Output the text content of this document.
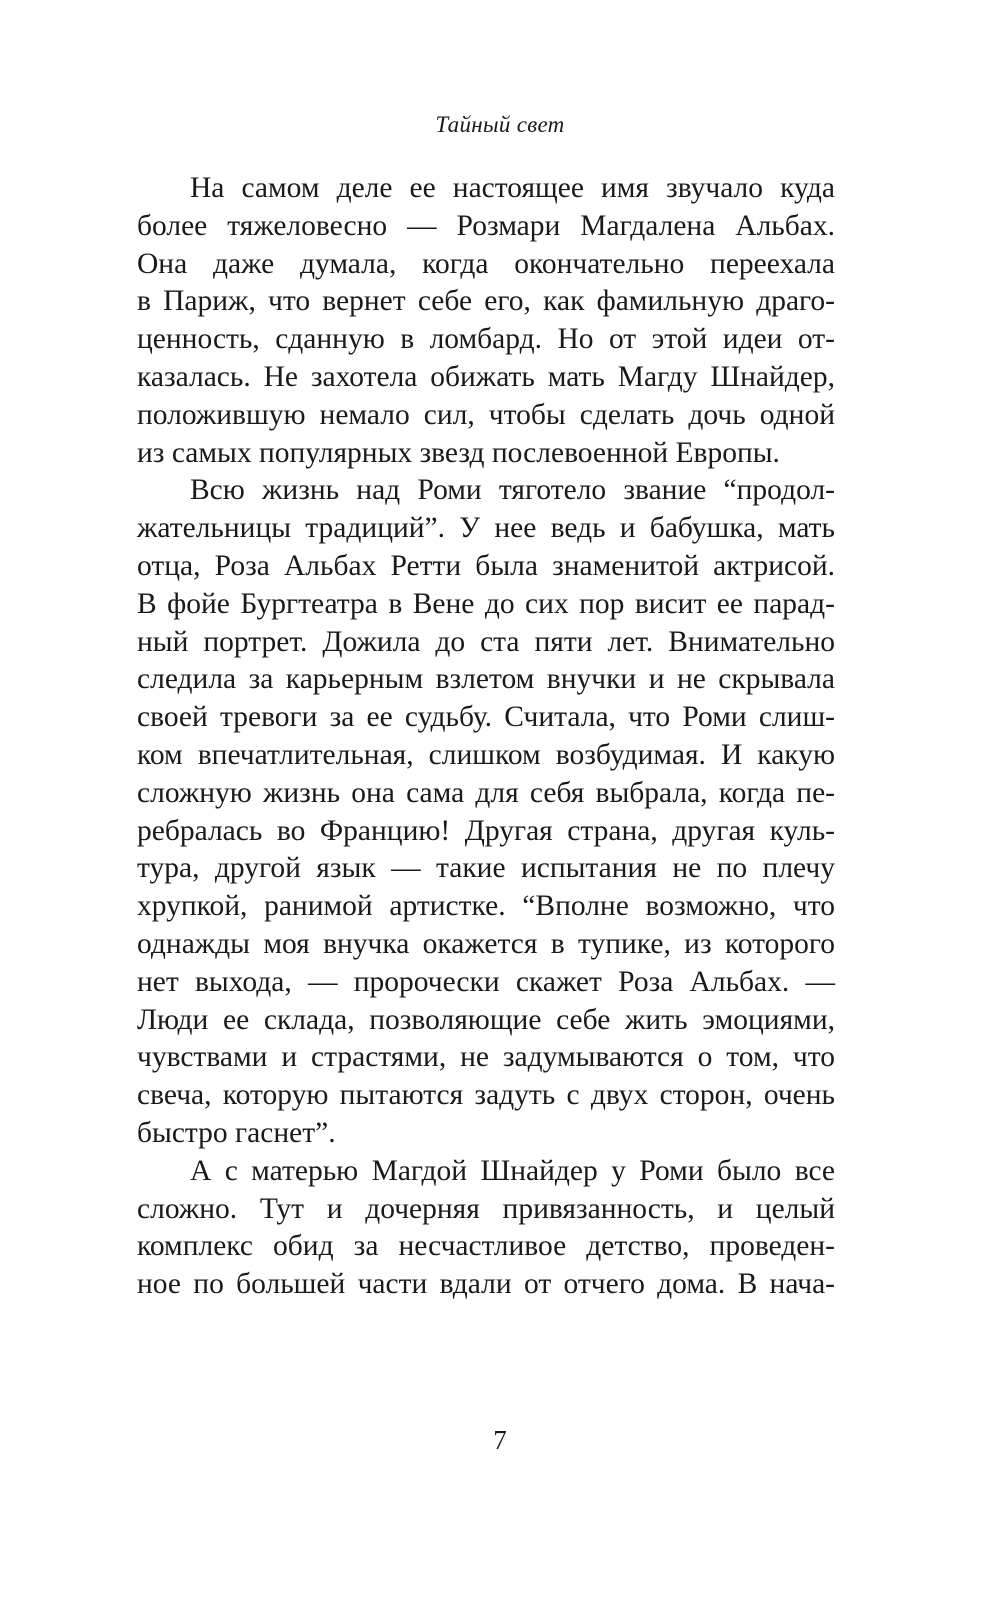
Тайный свет
На самом деле ее настоящее имя звучало куда
более тяжеловесно — Розмари Магдалена Альбах.
Она даже думала, когда окончательно переехала
в Париж, что вернет себе его, как фамильную драго-
ценность, сданную в ломбард. Но от этой идеи от-
казалась. Не захотела обижать мать Магду Шнайдер,
положившую немало сил, чтобы сделать дочь одной
из самых популярных звезд послевоенной Европы.
Всю жизнь над Роми тяготело звание “продол-
жательницы традиций”. У нее ведь и бабушка, мать
отца, Роза Альбах Ретти была знаменитой актрисой.
В фойе Бургтеатра в Вене до сих пор висит ее парад-
ный портрет. Дожила до ста пяти лет. Внимательно
следила за карьерным взлетом внучки и не скрывала
своей тревоги за ее судьбу. Считала, что Роми слиш-
ком впечатлительная, слишком возбудимая. И какую
сложную жизнь она сама для себя выбрала, когда пе-
ребралась во Францию! Другая страна, другая куль-
тура, другой язык — такие испытания не по плечу
хрупкой, ранимой артистке. “Вполне возможно, что
однажды моя внучка окажется в тупике, из которого
нет выхода, — пророчески скажет Роза Альбах. —
Люди ее склада, позволяющие себе жить эмоциями,
чувствами и страстями, не задумываются о том, что
свеча, которую пытаются задуть с двух сторон, очень
быстро гаснет”.
А с матерью Магдой Шнайдер у Роми было все
сложно. Тут и дочерняя привязанность, и целый
комплекс обид за несчастливое детство, проведен-
ное по большей части вдали от отчего дома. В нача-
7
